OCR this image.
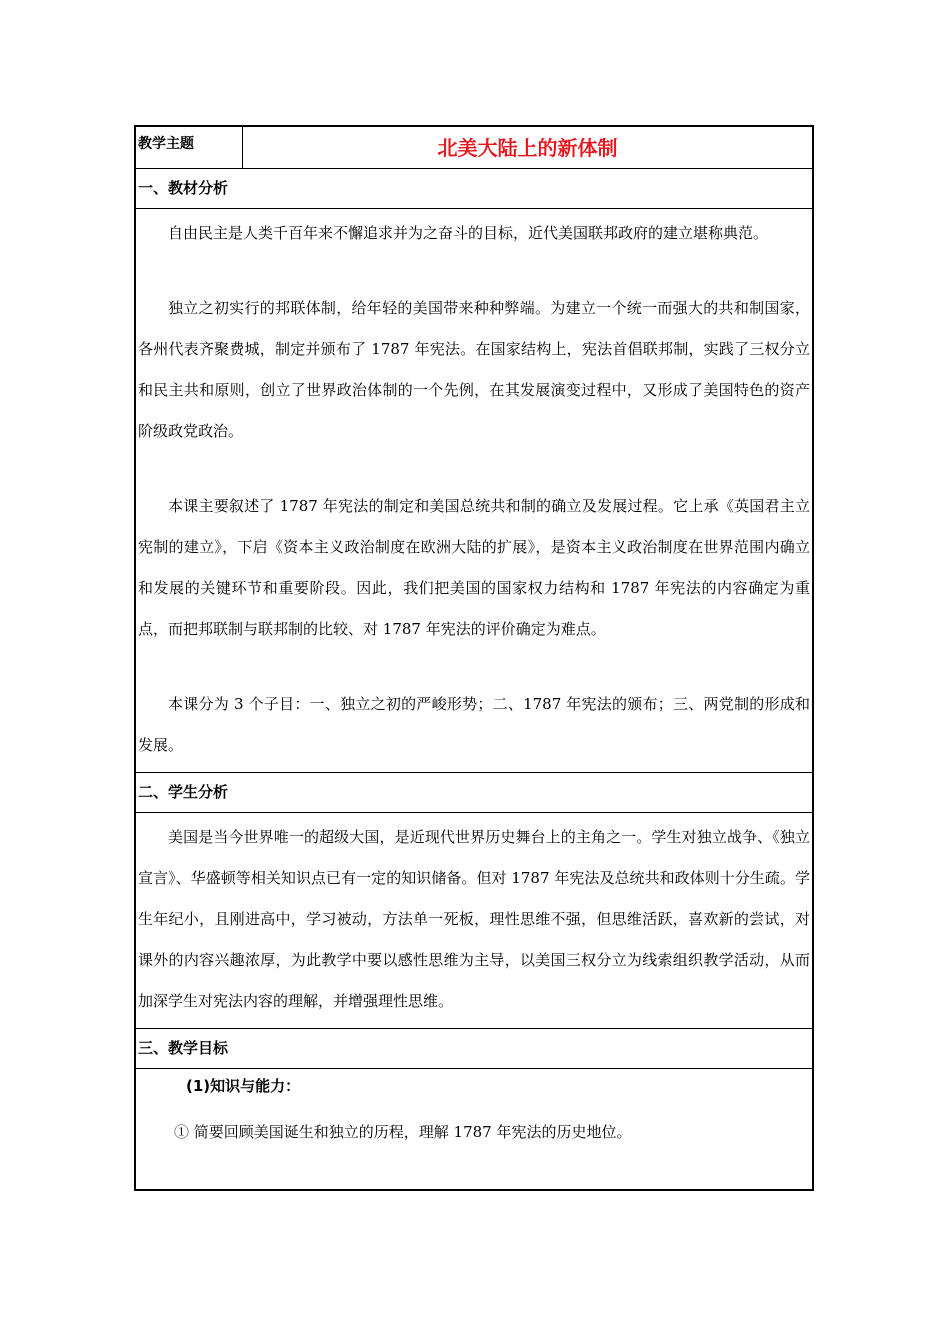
教学主题	北美大陆上的新体制
一、教材分析

自由民主是人类千百年来不懈追求并为之奋斗的目标，近代美国联邦政府的建立堪称典范。

独立之初实行的邦联体制，给年轻的美国带来种种弊端。为建立一个统一而强大的共和制国家，各州代表齐聚费城，制定并颁布了 1787 年宪法。在国家结构上，宪法首倡联邦制，实践了三权分立和民主共和原则，创立了世界政治体制的一个先例，在其发展演变过程中，又形成了美国特色的资产阶级政党政治。

本课主要叙述了 1787 年宪法的制定和美国总统共和制的确立及发展过程。它上承《英国君主立宪制的建立》，下启《资本主义政治制度在欧洲大陆的扩展》，是资本主义政治制度在世界范围内确立和发展的关键环节和重要阶段。因此，我们把美国的国家权力结构和 1787 年宪法的内容确定为重点，而把邦联制与联邦制的比较、对 1787 年宪法的评价确定为难点。

本课分为 3 个子目：一、独立之初的严峻形势；二、1787 年宪法的颁布；三、两党制的形成和发展。

二、学生分析

美国是当今世界唯一的超级大国，是近现代世界历史舞台上的主角之一。学生对独立战争、《独立宣言》、华盛顿等相关知识点已有一定的知识储备。但对 1787 年宪法及总统共和政体则十分生疏。学生年纪小，且刚进高中，学习被动，方法单一死板，理性思维不强，但思维活跃，喜欢新的尝试，对课外的内容兴趣浓厚，为此教学中要以感性思维为主导，以美国三权分立为线索组织教学活动，从而加深学生对宪法内容的理解，并增强理性思维。

三、教学目标
(1)知识与能力：
① 简要回顾美国诞生和独立的历程，理解 1787 年宪法的历史地位。
